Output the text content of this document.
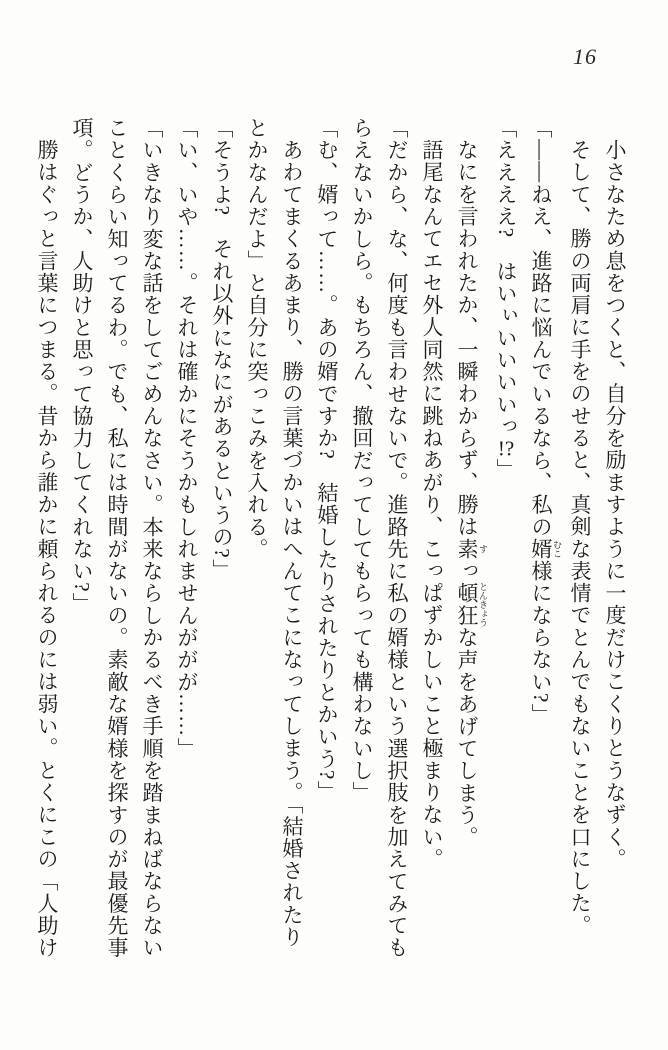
16

小さなため息をつくと、自分を励ますように一度だけこくりとうなずく。

そして、勝の両肩に手をのせると、真剣な表情でとんでもないことを口にした。

「――ねえ、進路に悩んでいるなら、私の婿 むこ様にならない?」

「ええええ?　はいぃいいいいっ!?」

なにを言われたか、一瞬わからず、勝は素 すっ頓狂 とんきょうな声をあげてしまう。

語尾なんてエセ外人同然に跳ねあがり、こっぱずかしいこと極まりない。

「だから、な、何度も言わせないで。進路先に私の婿様という選択肢を加えてみてもらえないかしら。もちろん、撤回だってしてもらっても構わないし」

「む、婿って……。あの婿ですか?　結婚したりされたりとかいう?」

あわてまくるあまり、勝の言葉づかいはへんてこになってしまう。「結婚されたりとかなんだよ」と自分に突っこみを入れる。

「そうよ?　それ以外になにがあるというの?」

「い、いや……。それは確かにそうかもしれませんががが……」

「いきなり変な話をしてごめんなさい。本来ならしかるべき手順を踏まねばならないことくらい知ってるわ。でも、私には時間がないの。素敵な婿様を探すのが最優先事項。どうか、人助けと思って協力してくれない?」

勝はぐっと言葉につまる。昔から誰かに頼られるのには弱い。とくにこの「人助け
